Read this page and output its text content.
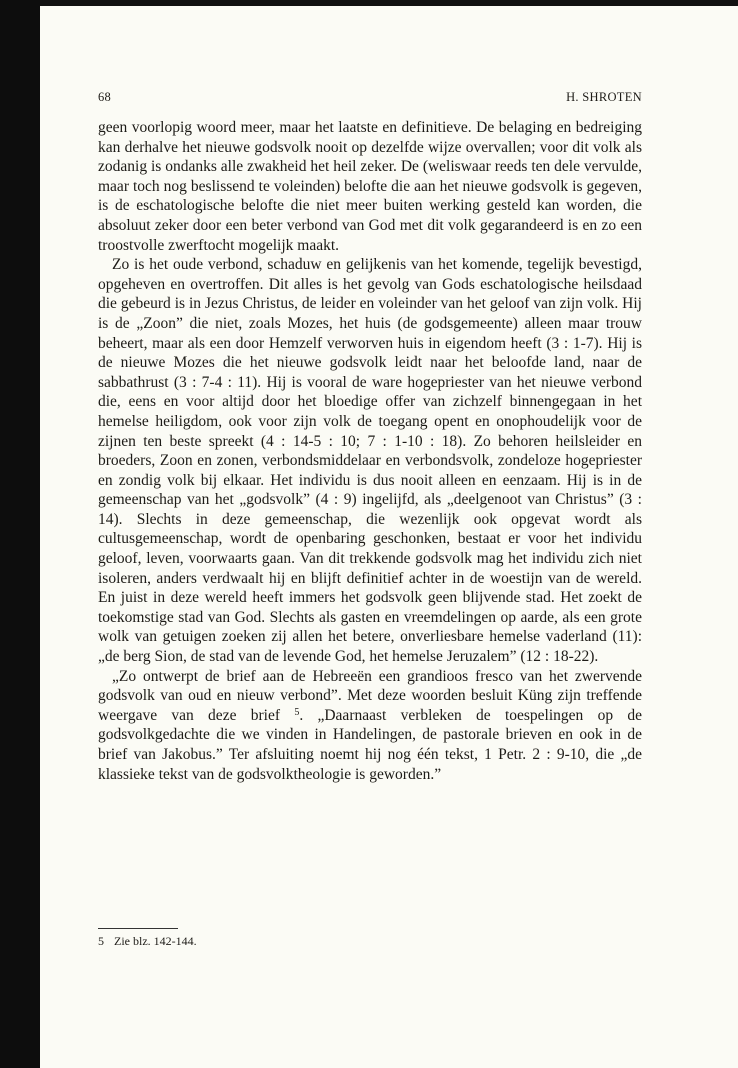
68	H. SHROTEN

geen voorlopig woord meer, maar het laatste en definitieve. De belaging en bedreiging kan derhalve het nieuwe godsvolk nooit op dezelfde wijze overvallen; voor dit volk als zodanig is ondanks alle zwakheid het heil zeker. De (weliswaar reeds ten dele vervulde, maar toch nog beslissend te voleinden) belofte die aan het nieuwe godsvolk is gegeven, is de eschatologische belofte die niet meer buiten werking gesteld kan worden, die absoluut zeker door een beter verbond van God met dit volk gegarandeerd is en zo een troostvolle zwerftocht mogelijk maakt.

Zo is het oude verbond, schaduw en gelijkenis van het komende, tegelijk bevestigd, opgeheven en overtroffen. Dit alles is het gevolg van Gods eschatologische heilsdaad die gebeurd is in Jezus Christus, de leider en voleinder van het geloof van zijn volk. Hij is de „Zoon” die niet, zoals Mozes, het huis (de godsgemeente) alleen maar trouw beheert, maar als een door Hemzelf verworven huis in eigendom heeft (3 : 1-7). Hij is de nieuwe Mozes die het nieuwe godsvolk leidt naar het beloofde land, naar de sabbathrust (3 : 7-4 : 11). Hij is vooral de ware hogepriester van het nieuwe verbond die, eens en voor altijd door het bloedige offer van zichzelf binnengegaan in het hemelse heiligdom, ook voor zijn volk de toegang opent en onophoudelijk voor de zijnen ten beste spreekt (4 : 14-5 : 10; 7 : 1-10 : 18). Zo behoren heilsleider en broeders, Zoon en zonen, verbondsmiddelaar en verbondsvolk, zondeloze hogepriester en zondig volk bij elkaar. Het individu is dus nooit alleen en eenzaam. Hij is in de gemeenschap van het „godsvolk” (4 : 9) ingelijfd, als „deelgenoot van Christus” (3 : 14). Slechts in deze gemeenschap, die wezenlijk ook opgevat wordt als cultusgemeenschap, wordt de openbaring geschonken, bestaat er voor het individu geloof, leven, voorwaarts gaan. Van dit trekkende godsvolk mag het individu zich niet isoleren, anders verdwaalt hij en blijft definitief achter in de woestijn van de wereld. En juist in deze wereld heeft immers het godsvolk geen blijvende stad. Het zoekt de toekomstige stad van God. Slechts als gasten en vreemdelingen op aarde, als een grote wolk van getuigen zoeken zij allen het betere, onverliesbare hemelse vaderland (11): „de berg Sion, de stad van de levende God, het hemelse Jeruzalem” (12 : 18-22).

„Zo ontwerpt de brief aan de Hebreeën een grandioos fresco van het zwervende godsvolk van oud en nieuw verbond”. Met deze woorden besluit Küng zijn treffende weergave van deze brief $^5$. „Daarnaast verbleken de toespelingen op de godsvolkgedachte die we vinden in Handelingen, de pastorale brieven en ook in de brief van Jakobus.” Ter afsluiting noemt hij nog één tekst, 1 Petr. 2 : 9-10, die „de klassieke tekst van de godsvolktheologie is geworden.”

5 Zie blz. 142-144.
